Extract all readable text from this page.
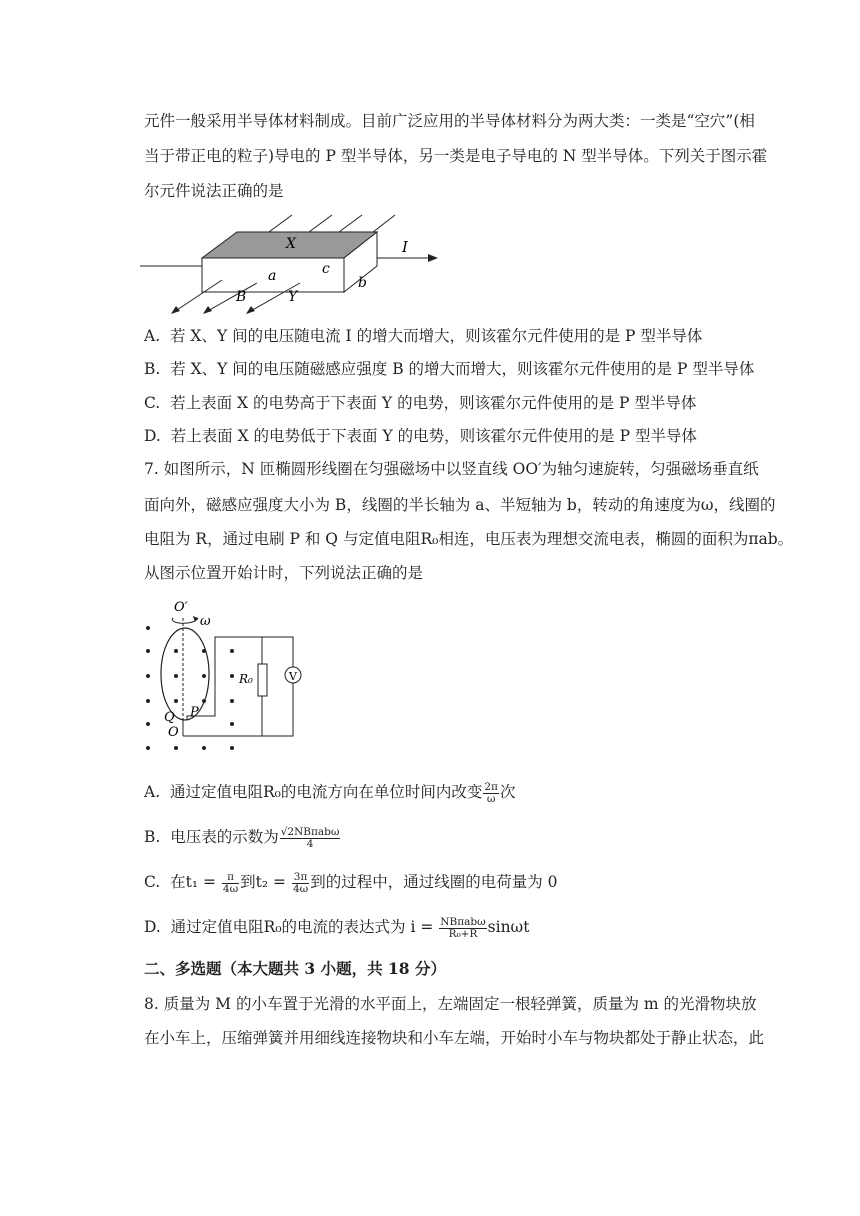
元件一般采用半导体材料制成。目前广泛应用的半导体材料分为两大类：一类是“空穴”(相
当于带正电的粒子)导电的 P 型半导体，另一类是电子导电的 N 型半导体。下列关于图示霍
尔元件说法正确的是
X	I
c
a	b
B	Y
A. 若 X、Y 间的电压随电流 I 的增大而增大，则该霍尔元件使用的是 P 型半导体
B. 若 X、Y 间的电压随磁感应强度 B 的增大而增大，则该霍尔元件使用的是 P 型半导体
C. 若上表面 X 的电势高于下表面 Y 的电势，则该霍尔元件使用的是 P 型半导体
D. 若上表面 X 的电势低于下表面 Y 的电势，则该霍尔元件使用的是 P 型半导体
7. 如图所示，N 匝椭圆形线圈在匀强磁场中以竖直线 OO′为轴匀速旋转，匀强磁场垂直纸
面向外，磁感应强度大小为 B，线圈的半长轴为 a、半短轴为 b，转动的角速度为ω，线圈的
电阻为 R，通过电刷 P 和 Q 与定值电阻R₀相连，电压表为理想交流电表，椭圆的面积为πab。
从图示位置开始计时，下列说法正确的是
V
O′
ω
R₀
Q P
O
A. 通过定值电阻R₀的电流方向在单位时间内改变 $\frac{2\pi}{\omega}$ 次
B. 电压表的示数为 $\frac{\text{√2NBπabω}}{4}$
C. 在$t_1 = \frac{\pi}{4\omega}$ 到$t_2 = \frac{3\pi}{4\omega}$ 到的过程中，通过线圈的电荷量为 0
D. 通过定值电阻R₀的电流的表达式为 $i = \frac{\text{NBπabω}}{\text{R₀+R}}$ sinωt
二、多选题（本大题共 3 小题，共 18 分）
8. 质量为 M 的小车置于光滑的水平面上，左端固定一根轻弹簧，质量为 m 的光滑物块放
在小车上，压缩弹簧并用细线连接物块和小车左端，开始时小车与物块都处于静止状态，此
